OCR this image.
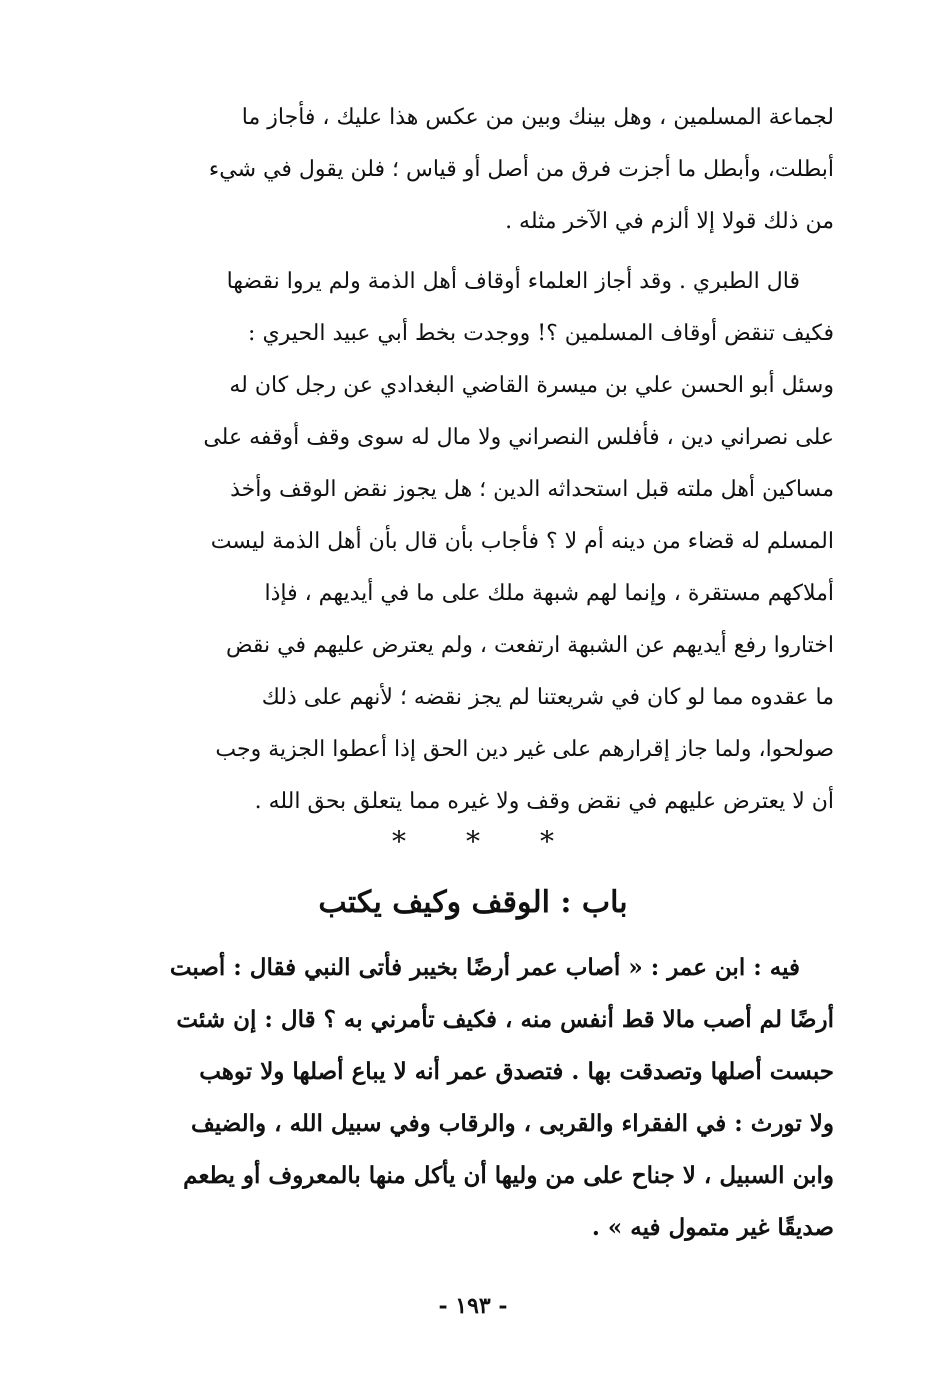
لجماعة المسلمين ، وهل بينك وبين من عكس هذا عليك ، فأجاز ما
أبطلت، وأبطل ما أجزت فرق من أصل أو قياس ؛ فلن يقول في شيء
من ذلك قولا إلا ألزم في الآخر مثله .

قال الطبري . وقد أجاز العلماء أوقاف أهل الذمة ولم يروا نقضها
فكيف تنقض أوقاف المسلمين ؟! ووجدت بخط أبي عبيد الحيري :
وسئل أبو الحسن علي بن ميسرة القاضي البغدادي عن رجل كان له
على نصراني دين ، فأفلس النصراني ولا مال له سوى وقف أوقفه على
مساكين أهل ملته قبل استحداثه الدين ؛ هل يجوز نقض الوقف وأخذ
المسلم له قضاء من دينه أم لا ؟ فأجاب بأن قال بأن أهل الذمة ليست
أملاكهم مستقرة ، وإنما لهم شبهة ملك على ما في أيديهم ، فإذا
اختاروا رفع أيديهم عن الشبهة ارتفعت ، ولم يعترض عليهم في نقض
ما عقدوه مما لو كان في شريعتنا لم يجز نقضه ؛ لأنهم على ذلك
صولحوا، ولما جاز إقرارهم على غير دين الحق إذا أعطوا الجزية وجب
أن لا يعترض عليهم في نقض وقف ولا غيره مما يتعلق بحق الله .

* * *
باب : الوقف وكيف يكتب

فيه : ابن عمر : « أصاب عمر أرضًا بخيبر فأتى النبي فقال : أصبت
أرضًا لم أصب مالا قط أنفس منه ، فكيف تأمرني به ؟ قال : إن شئت
حبست أصلها وتصدقت بها . فتصدق عمر أنه لا يباع أصلها ولا توهب
ولا تورث : في الفقراء والقربى ، والرقاب وفي سبيل الله ، والضيف
وابن السبيل ، لا جناح على من وليها أن يأكل منها بالمعروف أو يطعم
صديقًا غير متمول فيه » .

- ١٩٣ -
